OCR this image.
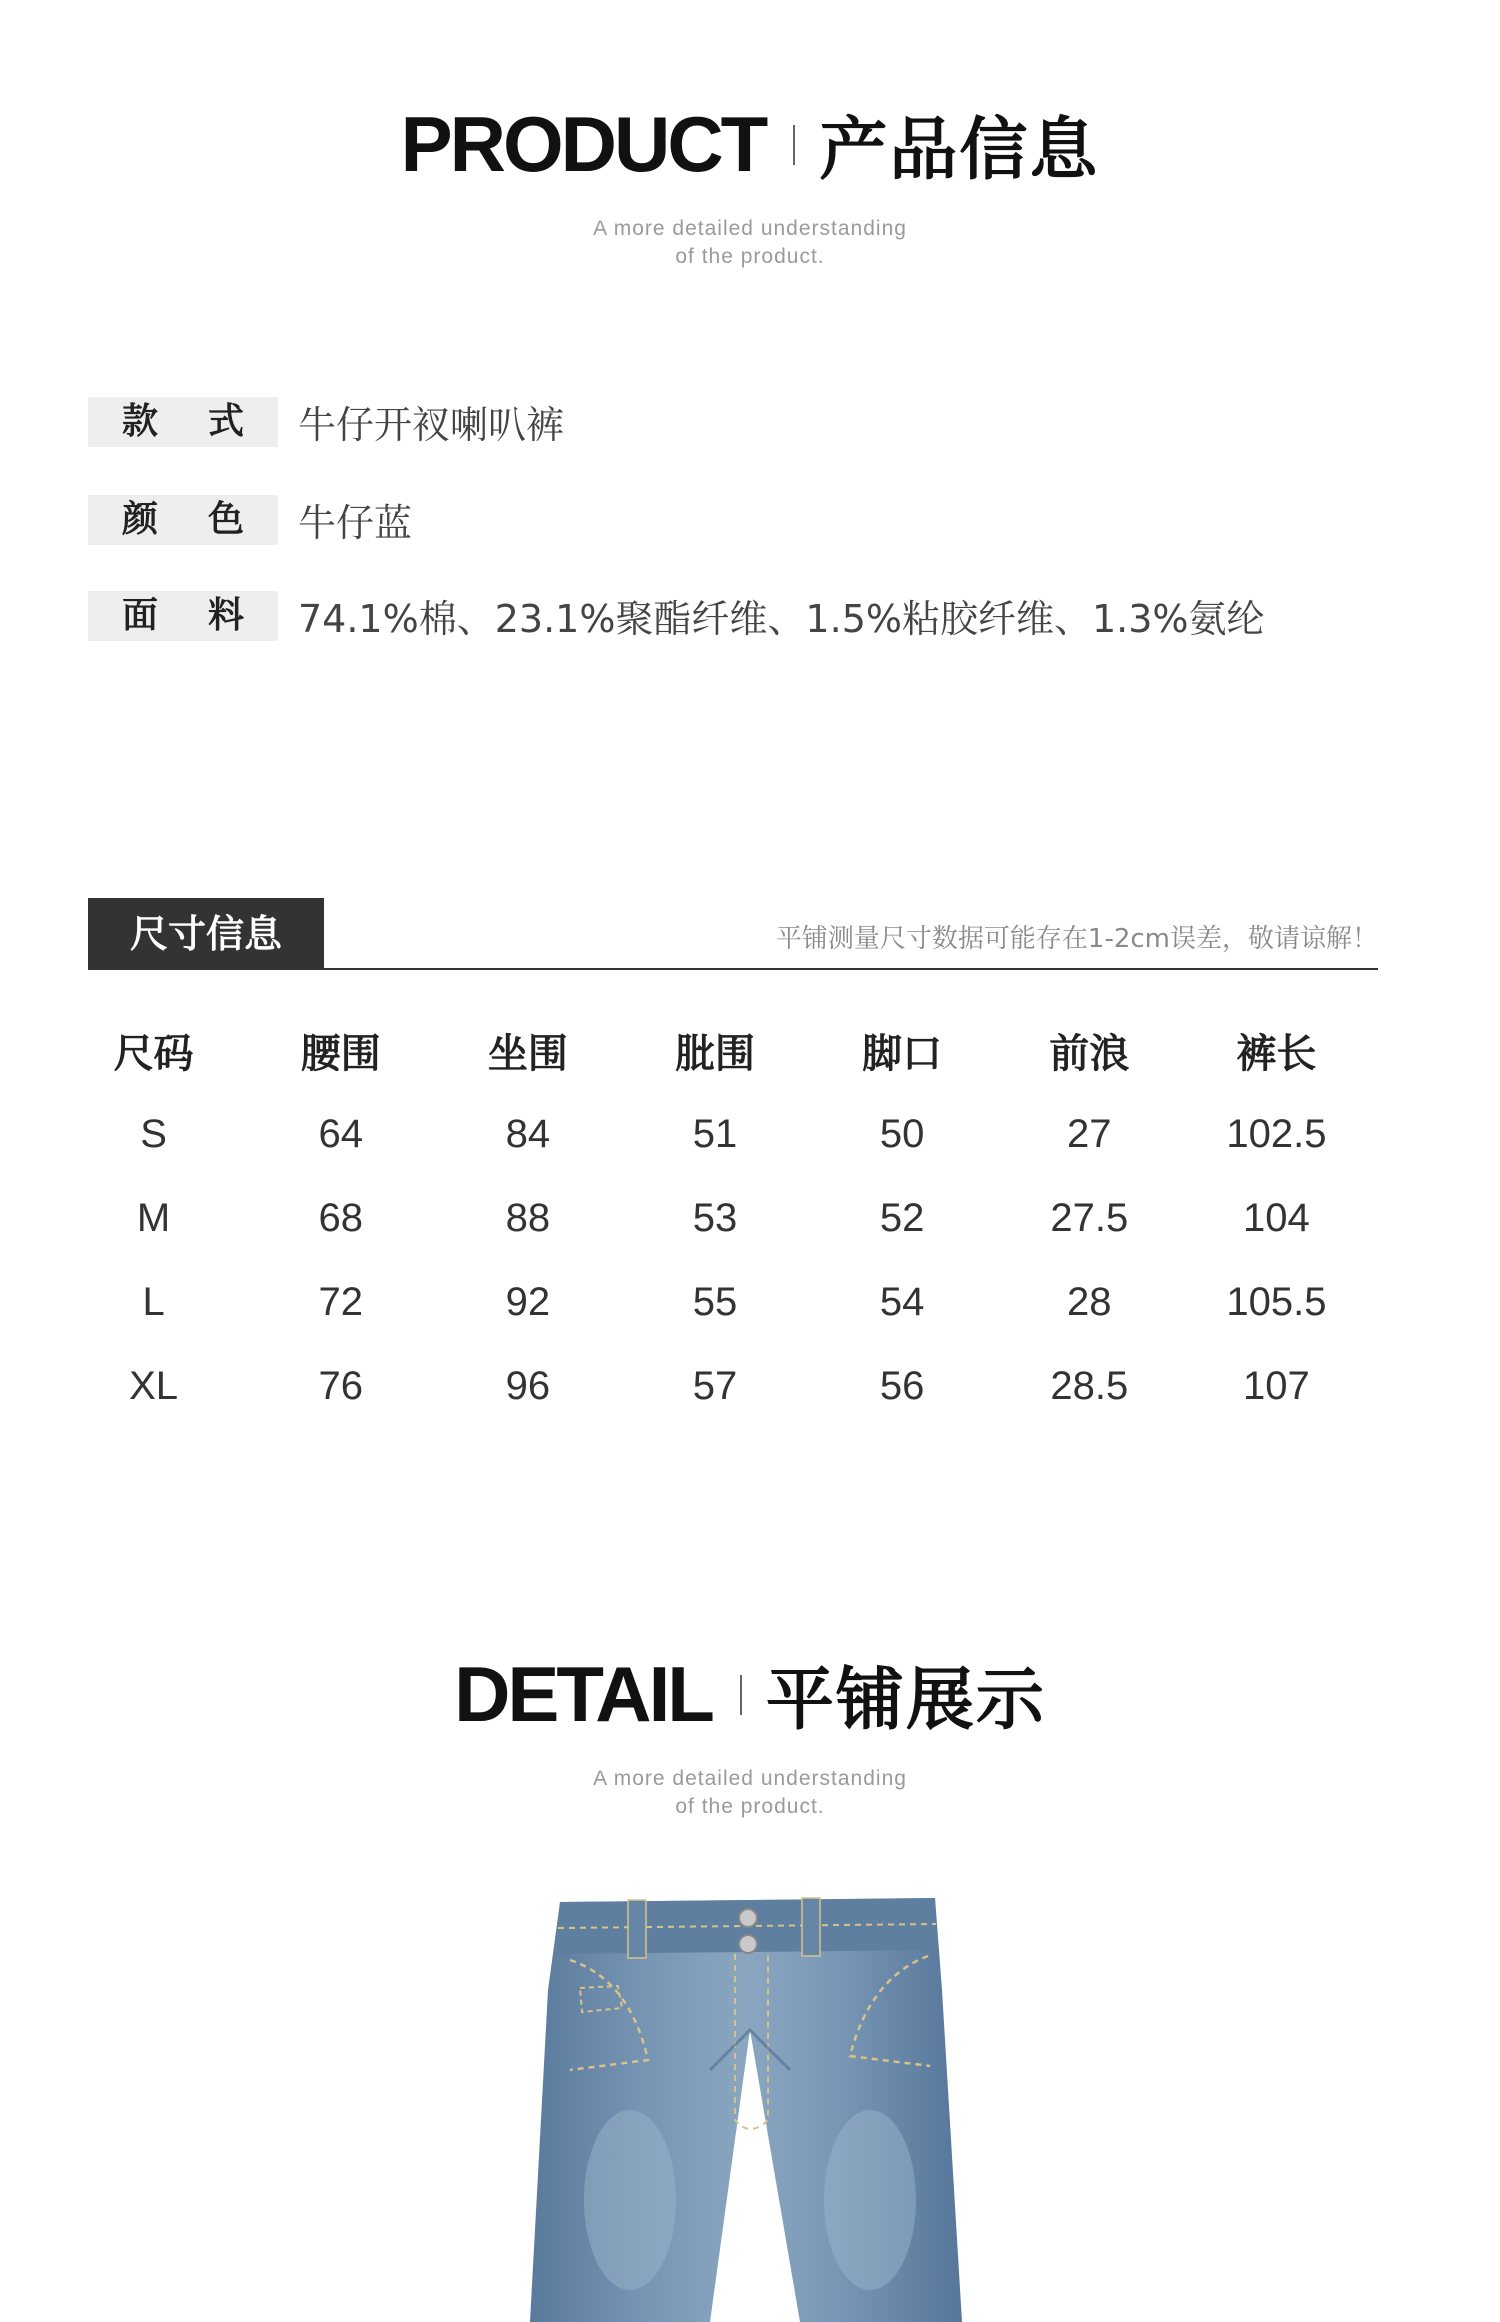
PRODUCT 产品信息
A more detailed understanding
of the product.
款 式 牛仔开衩喇叭裤
颜 色 牛仔蓝
面 料 74.1%棉、23.1%聚酯纤维、1.5%粘胶纤维、1.3%氨纶
尺寸信息	平铺测量尺寸数据可能存在1-2cm误差，敬请谅解！
尺码	腰围	坐围	肶围	脚口	前浪	裤长
S	64	84	51	50	27	102.5
M	68	88	53	52	27.5	104
L	72	92	55	54	28	105.5
XL	76	96	57	56	28.5	107
DETAIL 平铺展示
A more detailed understanding
of the product.
